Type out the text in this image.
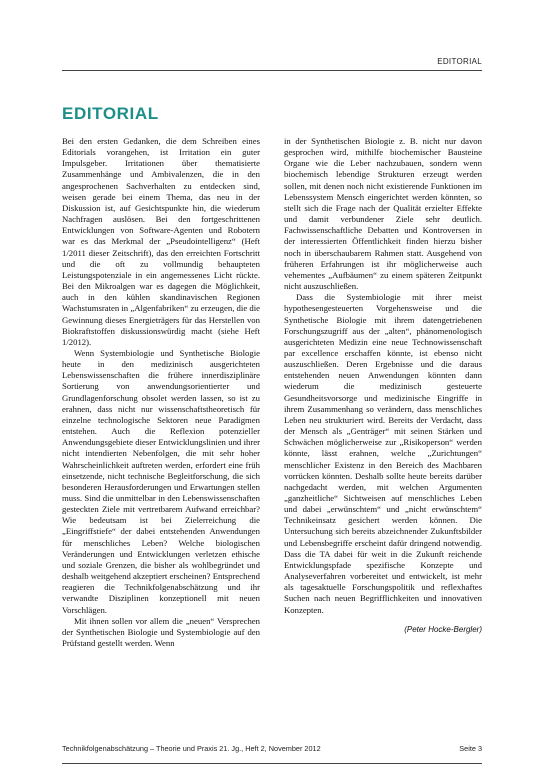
EDITORIAL
EDITORIAL

Bei den ersten Gedanken, die dem Schreiben eines Editorials vorangehen, ist Irritation ein guter Impulsgeber. Irritationen über thematisierte Zusammenhänge und Ambivalenzen, die in den angesprochenen Sachverhalten zu entdecken sind, weisen gerade bei einem Thema, das neu in der Diskussion ist, auf Gesichtspunkte hin, die wiederum Nachfragen auslösen. Bei den fortgeschrittenen Entwicklungen von Software-Agenten und Robotern war es das Merkmal der „Pseudointelligenz“ (Heft 1/2011 dieser Zeitschrift), das den erreichten Fortschritt und die oft zu vollmundig behaupteten Leistungspotenziale in ein angemessenes Licht rückte. Bei den Mikroalgen war es dagegen die Möglichkeit, auch in den kühlen skandinavischen Regionen Wachstumsraten in „Algenfabriken“ zu erzeugen, die die Gewinnung dieses Energieträgers für das Herstellen von Biokraftstoffen diskussionswürdig macht (siehe Heft 1/2012).

Wenn Systembiologie und Synthetische Biologie heute in den medizinisch ausgerichteten Lebenswissenschaften die frühere innerdisziplinäre Sortierung von anwendungsorientierter und Grundlagenforschung obsolet werden lassen, so ist zu erahnen, dass nicht nur wissenschaftstheoretisch für einzelne technologische Sektoren neue Paradigmen entstehen. Auch die Reflexion potenzieller Anwendungsgebiete dieser Entwicklungslinien und ihrer nicht intendierten Nebenfolgen, die mit sehr hoher Wahrscheinlichkeit auftreten werden, erfordert eine früh einsetzende, nicht technische Begleitforschung, die sich besonderen Herausforderungen und Erwartungen stellen muss. Sind die unmittelbar in den Lebenswissenschaften gesteckten Ziele mit vertretbarem Aufwand erreichbar? Wie bedeutsam ist bei Zielerreichung die „Eingriffstiefe“ der dabei entstehenden Anwendungen für menschliches Leben? Welche biologischen Veränderungen und Entwicklungen verletzen ethische und soziale Grenzen, die bisher als wohlbegründet und deshalb weitgehend akzeptiert erscheinen? Entsprechend reagieren die Technikfolgenabschätzung und ihr verwandte Disziplinen konzeptionell mit neuen Vorschlägen.

Mit ihnen sollen vor allem die „neuen“ Versprechen der Synthetischen Biologie und Systembiologie auf den Prüfstand gestellt werden. Wenn

in der Synthetischen Biologie z. B. nicht nur davon gesprochen wird, mithilfe biochemischer Bausteine Organe wie die Leber nachzubauen, sondern wenn biochemisch lebendige Strukturen erzeugt werden sollen, mit denen noch nicht existierende Funktionen im Lebenssystem Mensch eingerichtet werden könnten, so stellt sich die Frage nach der Qualität erzielter Effekte und damit verbundener Ziele sehr deutlich. Fachwissenschaftliche Debatten und Kontroversen in der interessierten Öffentlichkeit finden hierzu bisher noch in überschaubarem Rahmen statt. Ausgehend von früheren Erfahrungen ist ihr möglicherweise auch vehementes „Aufbäumen“ zu einem späteren Zeitpunkt nicht auszuschließen.

Dass die Systembiologie mit ihrer meist hypothesengesteuerten Vorgehensweise und die Synthetische Biologie mit ihrem datengetriebenen Forschungszugriff aus der „alten“, phänomenologisch ausgerichteten Medizin eine neue Technowissenschaft par excellence erschaffen könnte, ist ebenso nicht auszuschließen. Deren Ergebnisse und die daraus entstehenden neuen Anwendungen könnten dann wiederum die medizinisch gesteuerte Gesundheitsvorsorge und medizinische Eingriffe in ihrem Zusammenhang so verändern, dass menschliches Leben neu strukturiert wird. Bereits der Verdacht, dass der Mensch als „Genträger“ mit seinen Stärken und Schwächen möglicherweise zur „Risikoperson“ werden könnte, lässt erahnen, welche „Zurichtungen“ menschlicher Existenz in den Bereich des Machbaren vorrücken könnten. Deshalb sollte heute bereits darüber nachgedacht werden, mit welchen Argumenten „ganzheitliche“ Sichtweisen auf menschliches Leben und dabei „erwünschtem“ und „nicht erwünschtem“ Technikeinsatz gesichert werden können. Die Untersuchung sich bereits abzeichnender Zukunftsbilder und Lebensbegriffe erscheint dafür dringend notwendig. Dass die TA dabei für weit in die Zukunft reichende Entwicklungspfade spezifische Konzepte und Analyseverfahren vorbereitet und entwickelt, ist mehr als tagesaktuelle Forschungspolitik und reflexhaftes Suchen nach neuen Begrifflichkeiten und innovativen Konzepten.

(Peter Hocke-Bergler)

Technikfolgenabschätzung – Theorie und Praxis 21. Jg., Heft 2, November 2012	Seite 3
